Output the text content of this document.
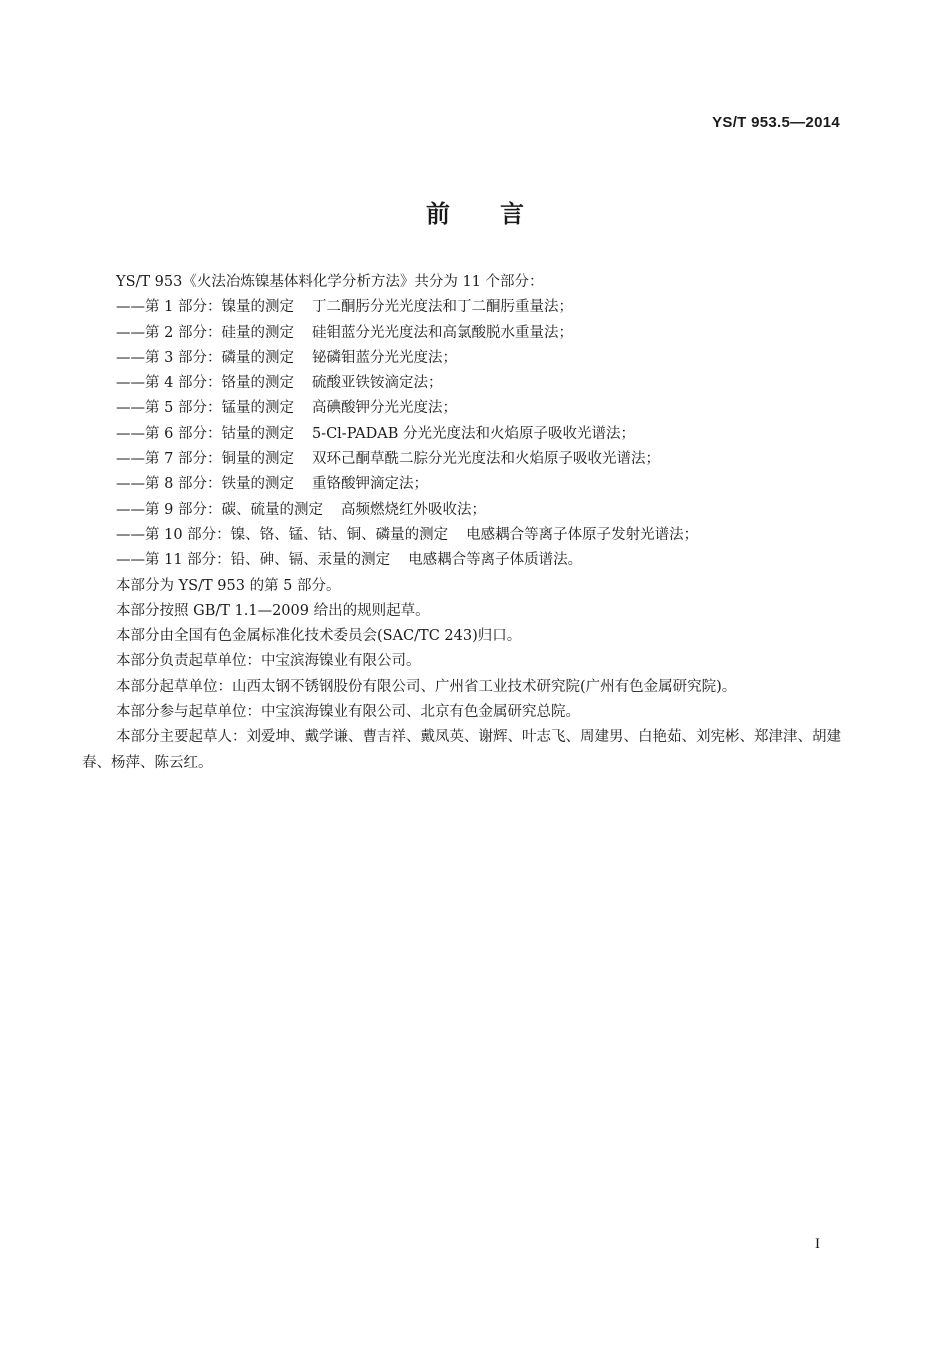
YS/T 953.5—2014
前言

YS/T 953《火法冶炼镍基体料化学分析方法》共分为 11 个部分：

——第 1 部分：镍量的测定 丁二酮肟分光光度法和丁二酮肟重量法；

——第 2 部分：硅量的测定 硅钼蓝分光光度法和高氯酸脱水重量法；

——第 3 部分：磷量的测定 铋磷钼蓝分光光度法；

——第 4 部分：铬量的测定 硫酸亚铁铵滴定法；

——第 5 部分：锰量的测定 高碘酸钾分光光度法；

——第 6 部分：钴量的测定 5-Cl-PADAB 分光光度法和火焰原子吸收光谱法；

——第 7 部分：铜量的测定 双环己酮草酰二腙分光光度法和火焰原子吸收光谱法；

——第 8 部分：铁量的测定 重铬酸钾滴定法；

——第 9 部分：碳、硫量的测定 高频燃烧红外吸收法；

——第 10 部分：镍、铬、锰、钴、铜、磷量的测定 电感耦合等离子体原子发射光谱法；

——第 11 部分：铅、砷、镉、汞量的测定 电感耦合等离子体质谱法。

本部分为 YS/T 953 的第 5 部分。

本部分按照 GB/T 1.1—2009 给出的规则起草。

本部分由全国有色金属标准化技术委员会(SAC/TC 243)归口。

本部分负责起草单位：中宝滨海镍业有限公司。

本部分起草单位：山西太钢不锈钢股份有限公司、广州省工业技术研究院(广州有色金属研究院)。

本部分参与起草单位：中宝滨海镍业有限公司、北京有色金属研究总院。

本部分主要起草人：刘爱坤、戴学谦、曹吉祥、戴凤英、谢辉、叶志飞、周建男、白艳茹、刘宪彬、郑津津、胡建春、杨萍、陈云红。

I
